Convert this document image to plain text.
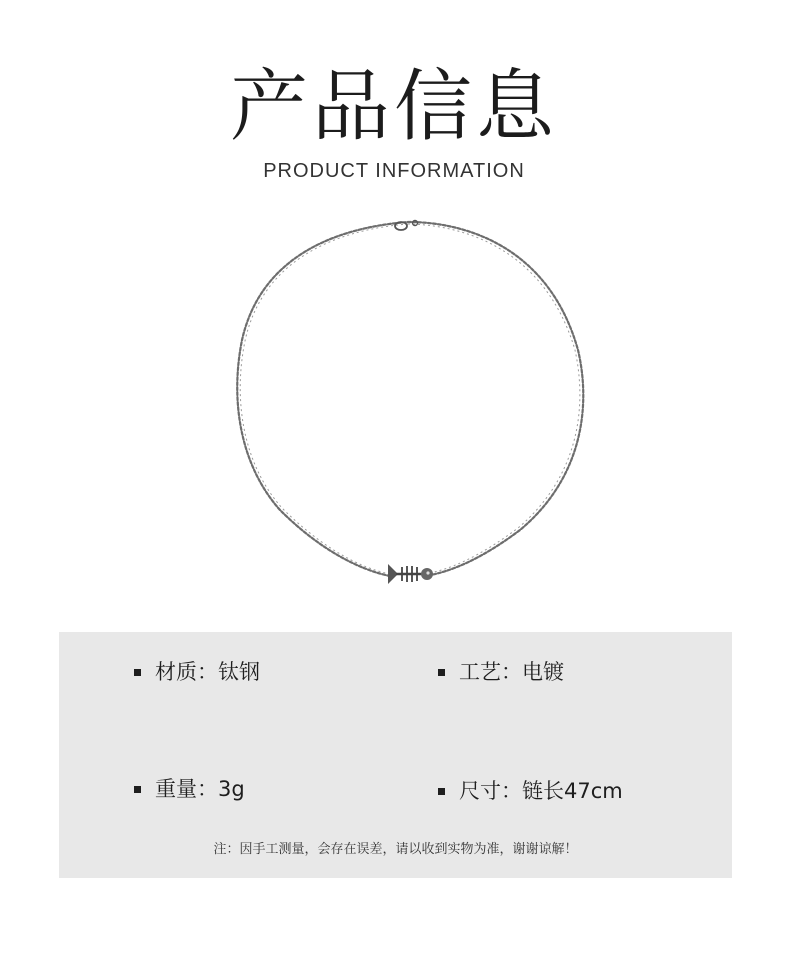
产品信息
PRODUCT INFORMATION
材质：钛钢	工艺：电镀
重量：3g	尺寸：链长47cm
注：因手工测量，会存在误差，请以收到实物为准，谢谢谅解！
